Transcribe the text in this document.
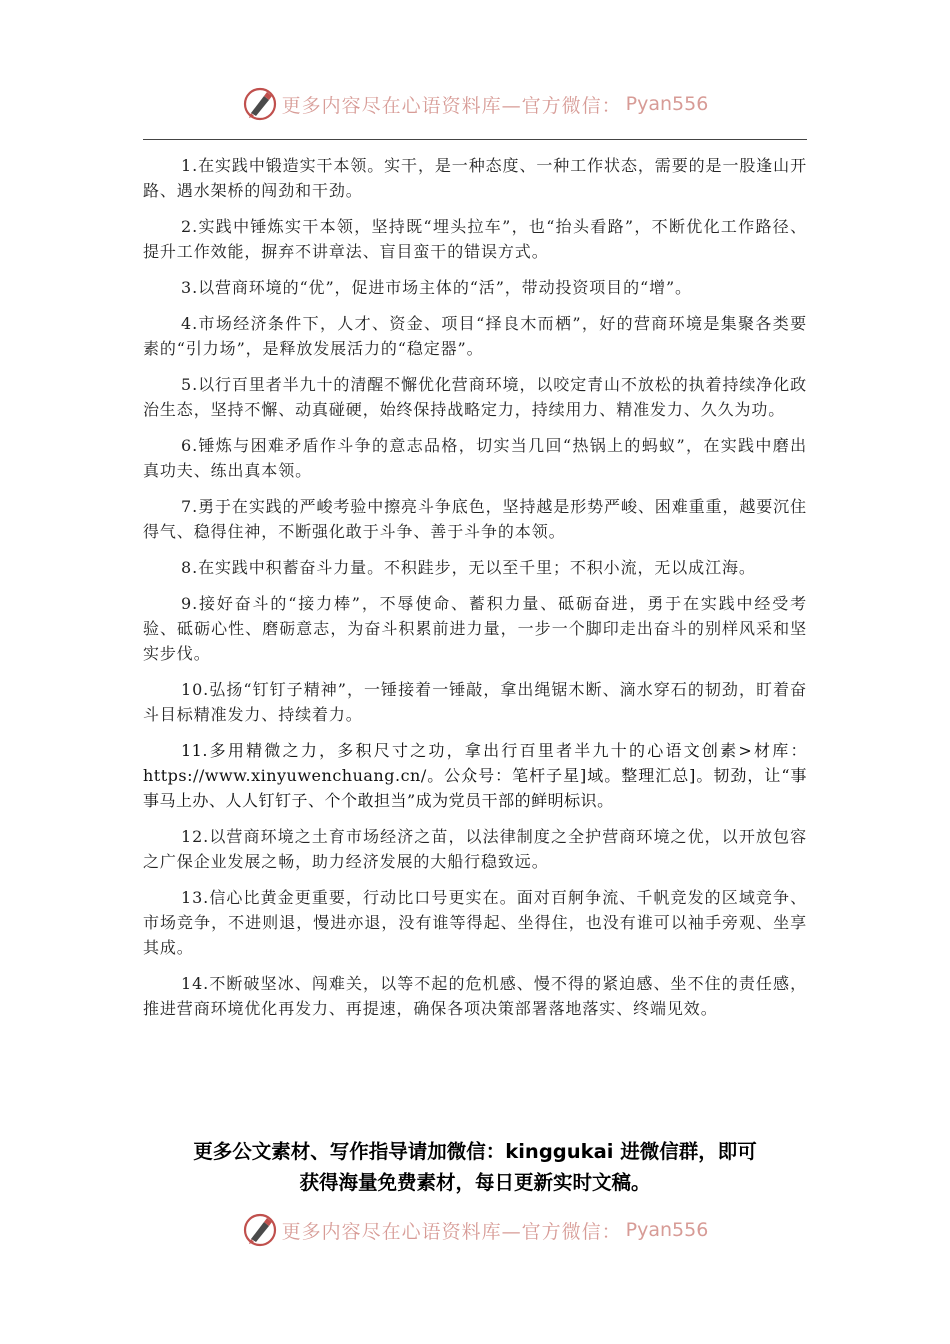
更多内容尽在心语资料库—官方微信： Pyan556

1.在实践中锻造实干本领。实干，是一种态度、一种工作状态，需要的是一股逢山开路、遇水架桥的闯劲和干劲。

2.实践中锤炼实干本领，坚持既“埋头拉车”，也“抬头看路”，不断优化工作路径、提升工作效能，摒弃不讲章法、盲目蛮干的错误方式。

3.以营商环境的“优”，促进市场主体的“活”，带动投资项目的“增”。

4.市场经济条件下，人才、资金、项目“择良木而栖”，好的营商环境是集聚各类要素的“引力场”，是释放发展活力的“稳定器”。

5.以行百里者半九十的清醒不懈优化营商环境，以咬定青山不放松的执着持续净化政治生态，坚持不懈、动真碰硬，始终保持战略定力，持续用力、精准发力、久久为功。

6.锤炼与困难矛盾作斗争的意志品格，切实当几回“热锅上的蚂蚁”，在实践中磨出真功夫、练出真本领。

7.勇于在实践的严峻考验中擦亮斗争底色，坚持越是形势严峻、困难重重，越要沉住得气、稳得住神，不断强化敢于斗争、善于斗争的本领。

8.在实践中积蓄奋斗力量。不积跬步，无以至千里；不积小流，无以成江海。

9.接好奋斗的“接力棒”，不辱使命、蓄积力量、砥砺奋进，勇于在实践中经受考验、砥砺心性、磨砺意志，为奋斗积累前进力量，一步一个脚印走出奋斗的别样风采和坚实步伐。

10.弘扬“钉钉子精神”，一锤接着一锤敲，拿出绳锯木断、滴水穿石的韧劲，盯着奋斗目标精准发力、持续着力。

11.多用精微之力，多积尺寸之功，拿出行百里者半九十的心语文创素>材库：https://www.xinyuwenchuang.cn/。公众号：笔杆子星]域。整理汇总]。韧劲，让“事事马上办、人人钉钉子、个个敢担当”成为党员干部的鲜明标识。

12.以营商环境之土育市场经济之苗，以法律制度之全护营商环境之优，以开放包容之广保企业发展之畅，助力经济发展的大船行稳致远。

13.信心比黄金更重要，行动比口号更实在。面对百舸争流、千帆竞发的区域竞争、市场竞争，不进则退，慢进亦退，没有谁等得起、坐得住，也没有谁可以袖手旁观、坐享其成。

14.不断破坚冰、闯难关，以等不起的危机感、慢不得的紧迫感、坐不住的责任感，推进营商环境优化再发力、再提速，确保各项决策部署落地落实、终端见效。

更多公文素材、写作指导请加微信：kinggukai 进微信群，即可
获得海量免费素材，每日更新实时文稿。
更多内容尽在心语资料库—官方微信： Pyan556
